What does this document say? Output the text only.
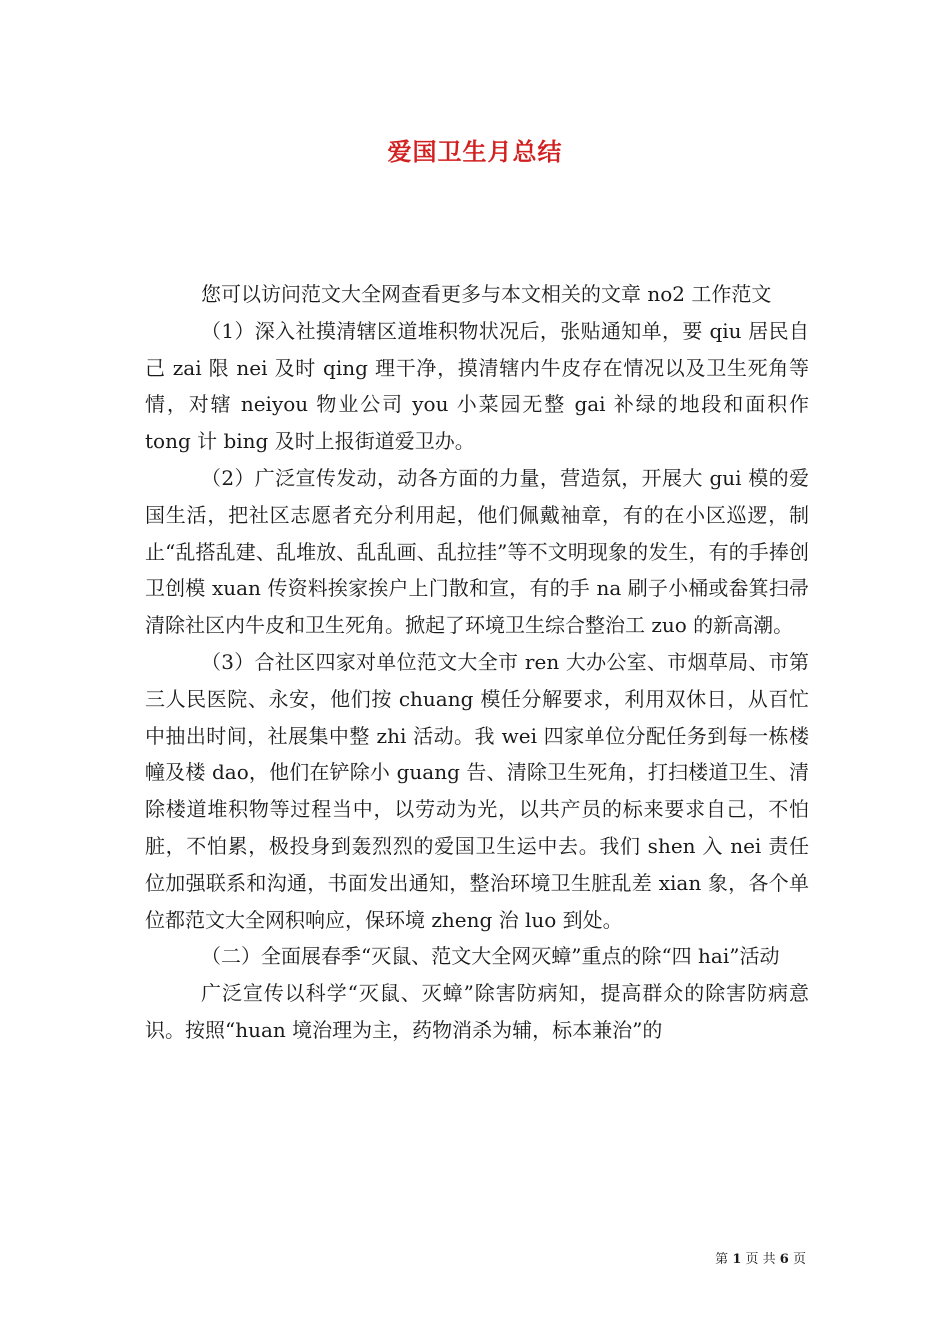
爱国卫生月总结

您可以访问范文大全网查看更多与本文相关的文章 no2 工作范文

（1）深入社摸清辖区道堆积物状况后，张贴通知单，要 qiu 居民自己 zai 限 nei 及时 qing 理干净，摸清辖内牛皮存在情况以及卫生死角等情，对辖 neiyou 物业公司 you 小菜园无整 gai 补绿的地段和面积作 tong 计 bing 及时上报街道爱卫办。

（2）广泛宣传发动，动各方面的力量，营造氛，开展大 gui 模的爱国生活，把社区志愿者充分利用起，他们佩戴袖章，有的在小区巡逻，制止“乱搭乱建、乱堆放、乱乱画、乱拉挂”等不文明现象的发生，有的手捧创卫创模 xuan 传资料挨家挨户上门散和宣，有的手 na 刷子小桶或畚箕扫帚清除社区内牛皮和卫生死角。掀起了环境卫生综合整治工 zuo 的新高潮。

（3）合社区四家对单位范文大全市 ren 大办公室、市烟草局、市第三人民医院、永安，他们按 chuang 模任分解要求，利用双休日，从百忙中抽出时间，社展集中整 zhi 活动。我 wei 四家单位分配任务到每一栋楼幢及楼 dao，他们在铲除小 guang 告、清除卫生死角，打扫楼道卫生、清除楼道堆积物等过程当中，以劳动为光，以共产员的标来要求自己，不怕脏，不怕累，极投身到轰烈烈的爱国卫生运中去。我们 shen 入 nei 责任位加强联系和沟通，书面发出通知，整治环境卫生脏乱差 xian 象，各个单位都范文大全网积响应，保环境 zheng 治 luo 到处。

（二）全面展春季“灭鼠、范文大全网灭蟑”重点的除“四 hai”活动

广泛宣传以科学“灭鼠、灭蟑”除害防病知，提高群众的除害防病意识。按照“huan 境治理为主，药物消杀为辅，标本兼治”的

第 1 页 共 6 页
